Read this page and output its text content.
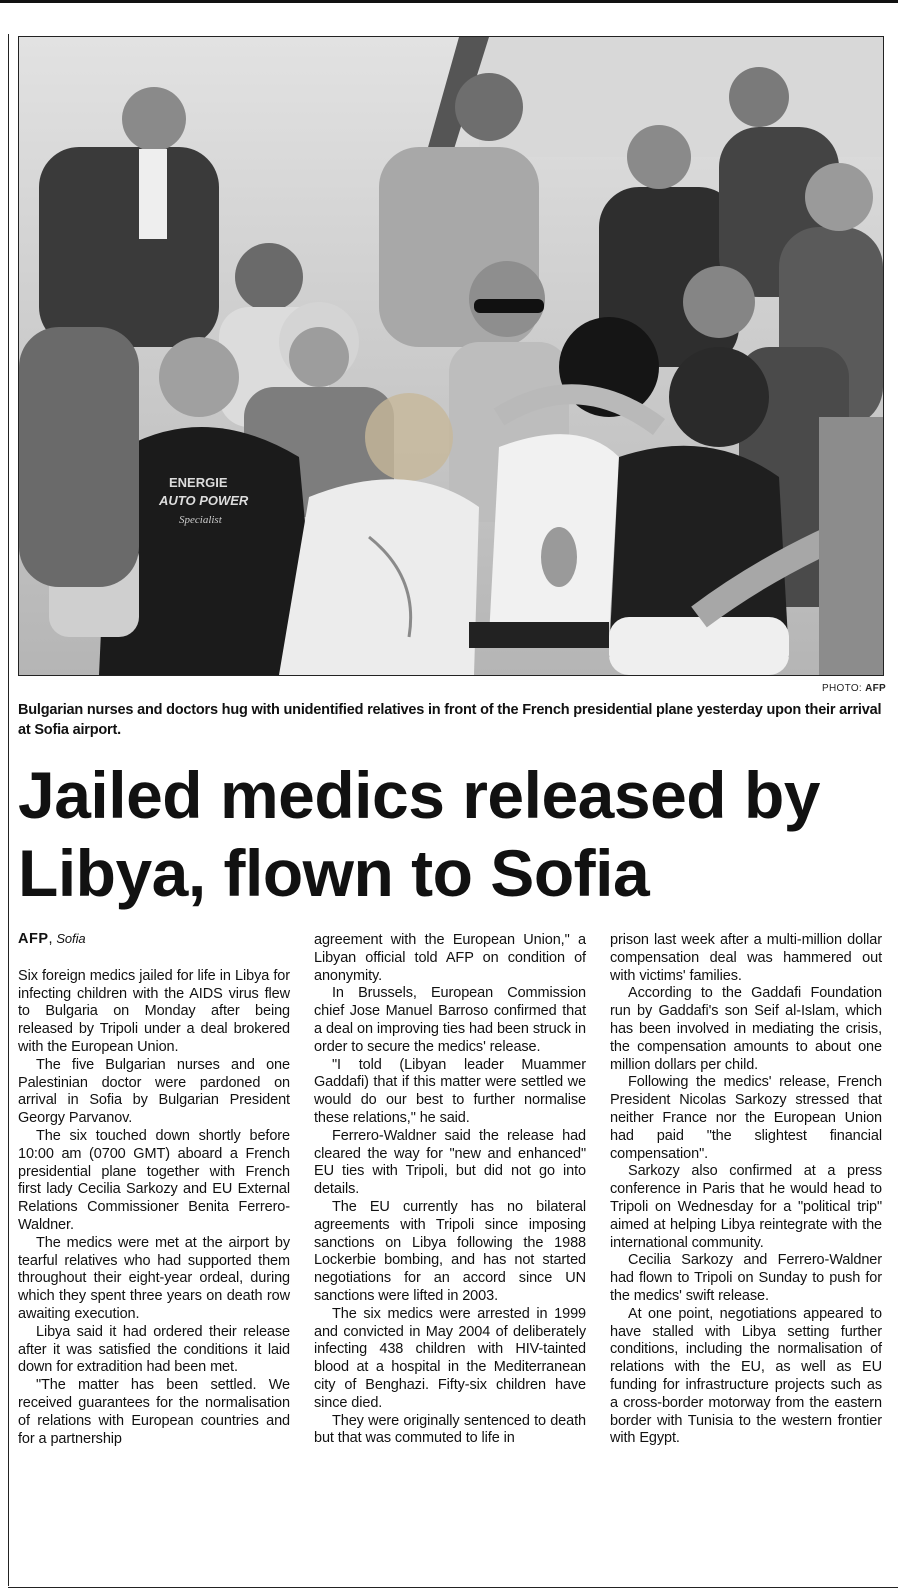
ENERGIE
AUTO POWER
Specialist
PHOTO: AFP
Bulgarian nurses and doctors hug with unidentified relatives in front of the French presidential plane yesterday upon their arrival at Sofia airport.
Jailed medics released by Libya, flown to Sofia
AFP, Sofia

Six foreign medics jailed for life in Libya for infecting children with the AIDS virus flew to Bulgaria on Monday after being released by Tripoli under a deal brokered with the European Union.

The five Bulgarian nurses and one Palestinian doctor were pardoned on arrival in Sofia by Bulgarian President Georgy Parvanov.

The six touched down shortly before 10:00 am (0700 GMT) aboard a French presidential plane together with French first lady Cecilia Sarkozy and EU External Relations Commissioner Benita Ferrero-Waldner.

The medics were met at the airport by tearful relatives who had supported them throughout their eight-year ordeal, during which they spent three years on death row awaiting execution.

Libya said it had ordered their release after it was satisfied the conditions it laid down for extradition had been met.

"The matter has been settled. We received guarantees for the normalisation of relations with European countries and for a partnership

agreement with the European Union," a Libyan official told AFP on condition of anonymity.

In Brussels, European Commission chief Jose Manuel Barroso confirmed that a deal on improving ties had been struck in order to secure the medics' release.

"I told (Libyan leader Muammer Gaddafi) that if this matter were settled we would do our best to further normalise these relations," he said.

Ferrero-Waldner said the release had cleared the way for "new and enhanced" EU ties with Tripoli, but did not go into details.

The EU currently has no bilateral agreements with Tripoli since imposing sanctions on Libya following the 1988 Lockerbie bombing, and has not started negotiations for an accord since UN sanctions were lifted in 2003.

The six medics were arrested in 1999 and convicted in May 2004 of deliberately infecting 438 children with HIV-tainted blood at a hospital in the Mediterranean city of Benghazi. Fifty-six children have since died.

They were originally sentenced to death but that was commuted to life in

prison last week after a multi-million dollar compensation deal was hammered out with victims' families.

According to the Gaddafi Foundation run by Gaddafi's son Seif al-Islam, which has been involved in mediating the crisis, the compensation amounts to about one million dollars per child.

Following the medics' release, French President Nicolas Sarkozy stressed that neither France nor the European Union had paid "the slightest financial compensation".

Sarkozy also confirmed at a press conference in Paris that he would head to Tripoli on Wednesday for a "political trip" aimed at helping Libya reintegrate with the international community.

Cecilia Sarkozy and Ferrero-Waldner had flown to Tripoli on Sunday to push for the medics' swift release.

At one point, negotiations appeared to have stalled with Libya setting further conditions, including the normalisation of relations with the EU, as well as EU funding for infrastructure projects such as a cross-border motorway from the eastern border with Tunisia to the western frontier with Egypt.
